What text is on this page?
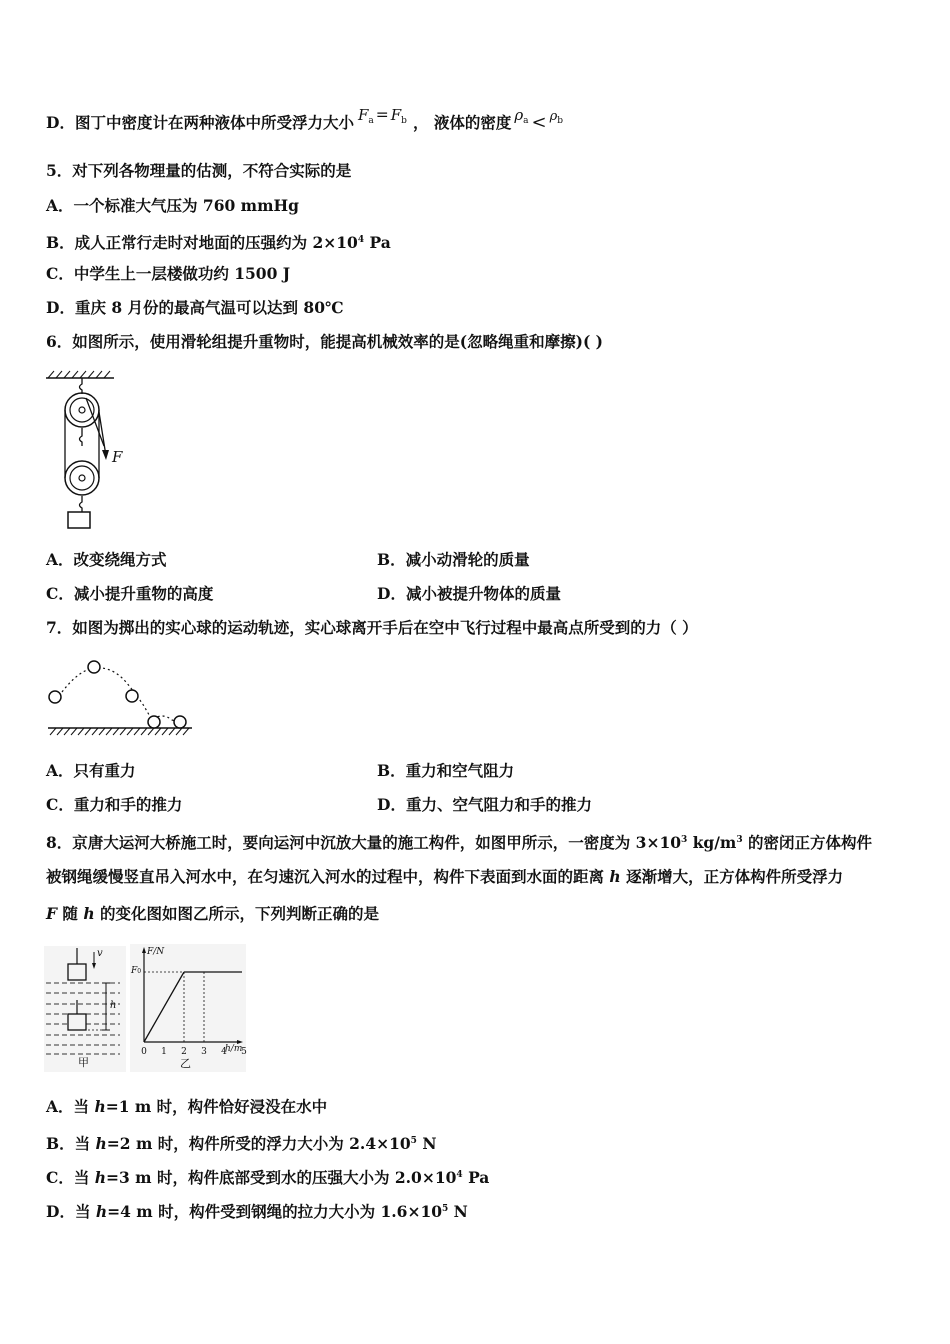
D．图丁中密度计在两种液体中所受浮力大小 $F_a = F_b$ ， 液体的密度 $\rho_a < ^{\rho_b}$
5．对下列各物理量的估测，不符合实际的是
A．一个标准大气压为 760 mmHg
B．成人正常行走时对地面的压强约为 $2\times 10^4$ Pa
C．中学生上一层楼做功约 1500 J
D．重庆 8 月份的最高气温可以达到 80℃
6．如图所示，使用滑轮组提升重物时，能提高机械效率的是(忽略绳重和摩擦)( )
F
A．改变绕绳方式	B．减小动滑轮的质量
C．减小提升重物的高度	D．减小被提升物体的质量
7．如图为掷出的实心球的运动轨迹，实心球离开手后在空中飞行过程中最高点所受到的力（ ）
A．只有重力	B．重力和空气阻力
C．重力和手的推力	D．重力、空气阻力和手的推力
8．京唐大运河大桥施工时，要向运河中沉放大量的施工构件，如图甲所示，一密度为 $3\times 10^3$ $kg/m^3$ 的密闭正方体构件
被钢绳缓慢竖直吊入河水中，在匀速沉入河水的过程中，构件下表面到水面的距离 h 逐渐增大，正方体构件所受浮力
F 随 h 的变化图如图乙所示，下列判断正确的是
v
h
甲
0 1 2 3 4 5
F/N
F0
h/m
乙
A．当 h=1 m 时，构件恰好浸没在水中
B．当 h=2 m 时，构件所受的浮力大小为 $2.4\times 10^5$ N
C．当 h=3 m 时，构件底部受到水的压强大小为 $2.0\times 10^4$ Pa
D．当 h=4 m 时，构件受到钢绳的拉力大小为 $1.6\times 10^5$ N
